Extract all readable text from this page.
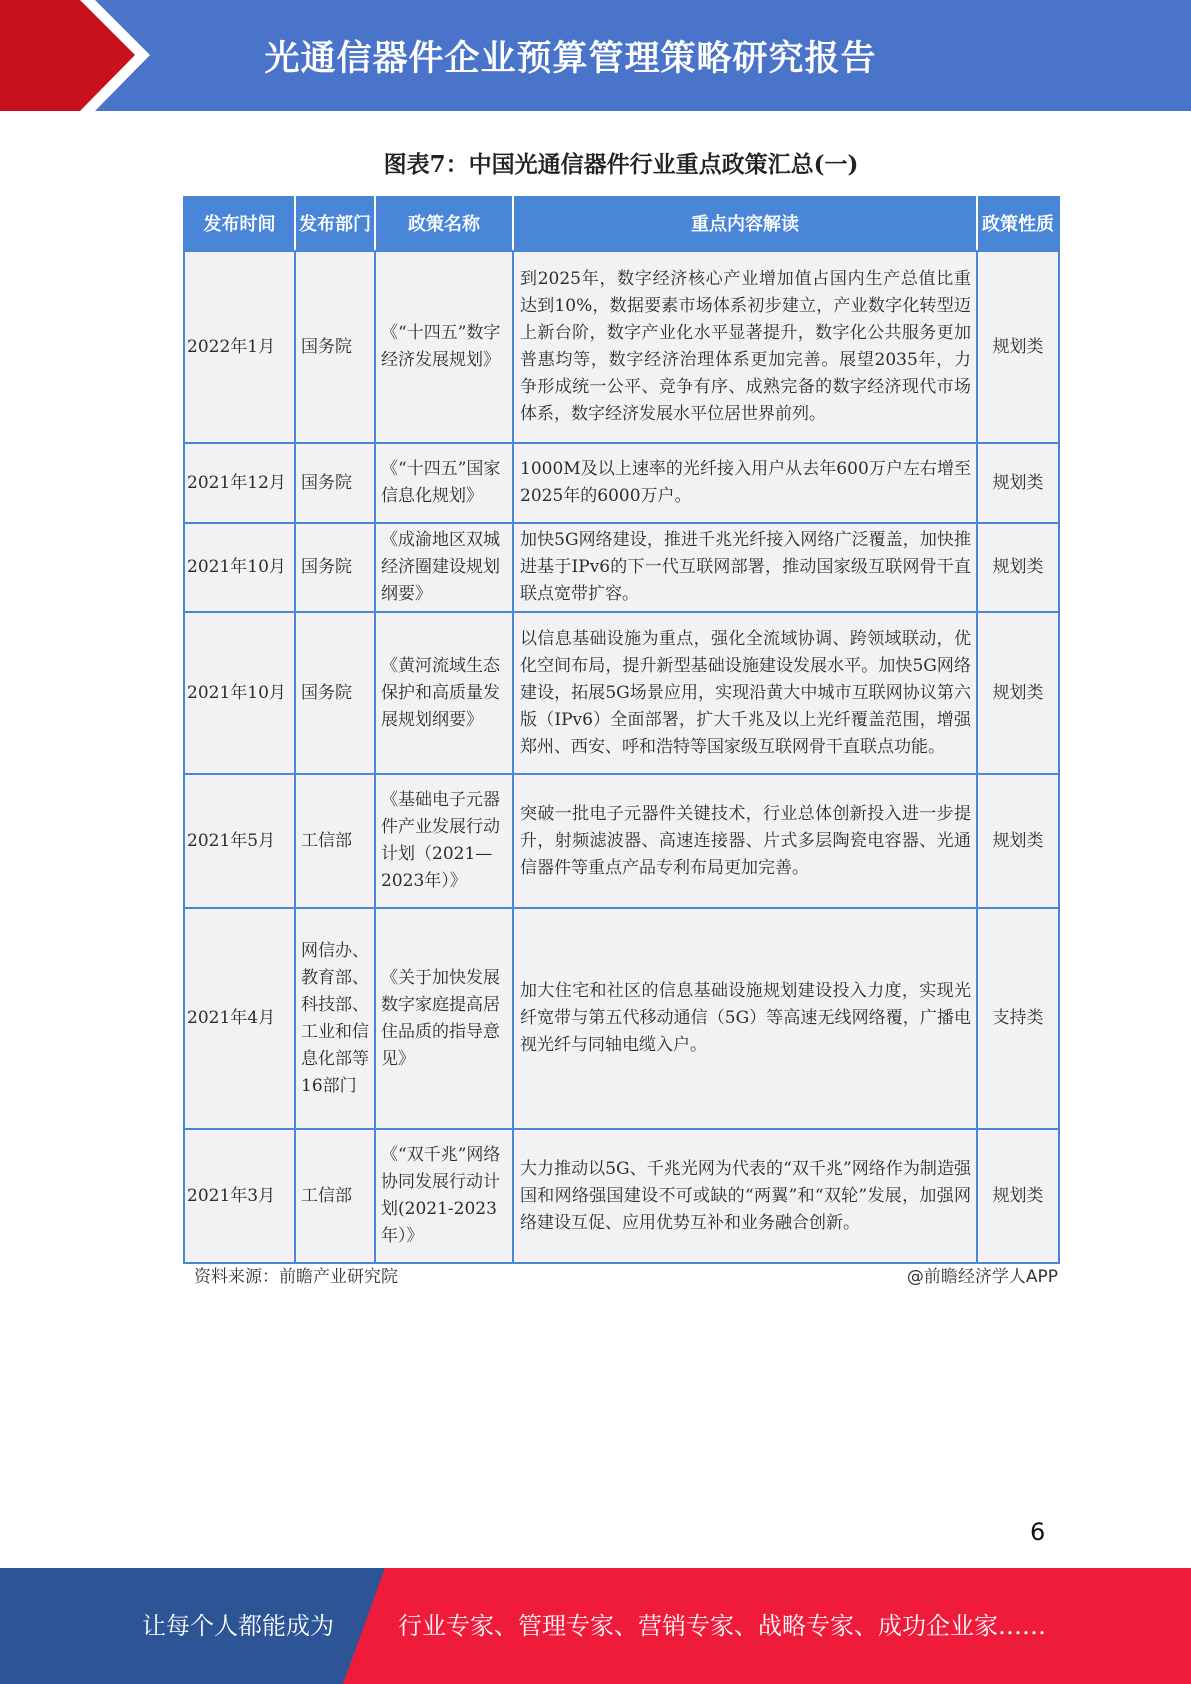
光通信器件企业预算管理策略研究报告
图表7：中国光通信器件行业重点政策汇总(一)
发布时间	发布部门	政策名称	重点内容解读	政策性质
2022年1月	国务院	《“十四五”数字经济发展规划》	到2025年，数字经济核心产业增加值占国内生产总值比重达到10%，数据要素市场体系初步建立，产业数字化转型迈上新台阶，数字产业化水平显著提升，数字化公共服务更加普惠均等，数字经济治理体系更加完善。展望2035年，力争形成统一公平、竞争有序、成熟完备的数字经济现代市场体系，数字经济发展水平位居世界前列。	规划类
2021年12月	国务院	《“十四五”国家信息化规划》	1000M及以上速率的光纤接入用户从去年600万户左右增至2025年的6000万户。	规划类
2021年10月	国务院	《成渝地区双城经济圈建设规划纲要》	加快5G网络建设，推进千兆光纤接入网络广泛覆盖，加快推进基于IPv6的下一代互联网部署，推动国家级互联网骨干直联点宽带扩容。	规划类
2021年10月	国务院	《黄河流域生态保护和高质量发展规划纲要》	以信息基础设施为重点，强化全流域协调、跨领域联动，优化空间布局，提升新型基础设施建设发展水平。加快5G网络建设，拓展5G场景应用，实现沿黄大中城市互联网协议第六版（IPv6）全面部署，扩大千兆及以上光纤覆盖范围，增强郑州、西安、呼和浩特等国家级互联网骨干直联点功能。	规划类
2021年5月	工信部	《基础电子元器件产业发展行动计划（2021—2023年）》	突破一批电子元器件关键技术，行业总体创新投入进一步提升，射频滤波器、高速连接器、片式多层陶瓷电容器、光通信器件等重点产品专利布局更加完善。	规划类
2021年4月	网信办、教育部、科技部、工业和信息化部等16部门	《关于加快发展数字家庭提高居住品质的指导意见》	加大住宅和社区的信息基础设施规划建设投入力度，实现光纤宽带与第五代移动通信（5G）等高速无线网络覆，广播电视光纤与同轴电缆入户。	支持类
2021年3月	工信部	《“双千兆”网络协同发展行动计划(2021-2023年）》	大力推动以5G、千兆光网为代表的“双千兆”网络作为制造强国和网络强国建设不可或缺的“两翼”和“双轮”发展，加强网络建设互促、应用优势互补和业务融合创新。	规划类
资料来源：前瞻产业研究院	@前瞻经济学人APP
6
让每个人都能成为	行业专家、管理专家、营销专家、战略专家、成功企业家……
